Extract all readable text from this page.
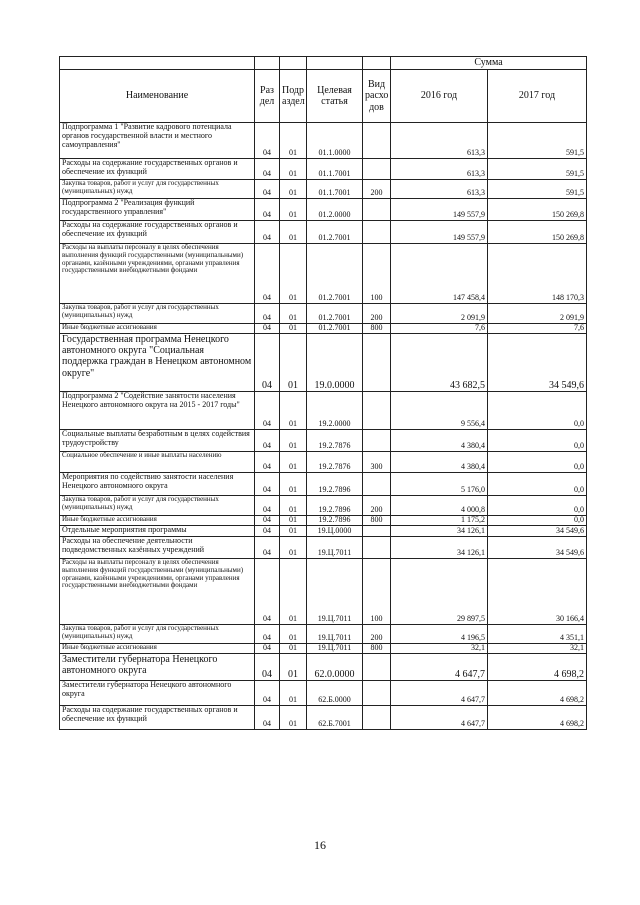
					Сумма	
Наименование	Раз дел	Подр аздел	Целевая статья	Вид расхо дов	2016 год	2017 год
Подпрограмма 1 "Развитие кадрового потенциала органов государственной власти и местного самоуправления"	04	01	01.1.0000		613,3	591,5
Расходы на содержание государственных органов и обеспечение их функций	04	01	01.1.7001		613,3	591,5
Закупка товаров, работ и услуг для государственных (муниципальных) нужд	04	01	01.1.7001	200	613,3	591,5
Подпрограмма 2 "Реализация функций государственного управления"	04	01	01.2.0000		149 557,9	150 269,8
Расходы на содержание государственных органов и обеспечение их функций	04	01	01.2.7001		149 557,9	150 269,8
Расходы на выплаты персоналу в целях обеспечения выполнения функций государственными (муниципальными) органами, казёнными учреждениями, органами управления государственными внебюджетными фондами	04	01	01.2.7001	100	147 458,4	148 170,3
Закупка товаров, работ и услуг для государственных (муниципальных) нужд	04	01	01.2.7001	200	2 091,9	2 091,9
Иные бюджетные ассигнования	04	01	01.2.7001	800	7,6	7,6
Государственная программа Ненецкого автономного округа "Социальная поддержка граждан в Ненецком автономном округе"	04	01	19.0.0000		43 682,5	34 549,6
Подпрограмма 2 "Содействие занятости населения Ненецкого автономного округа на 2015 - 2017 годы"	04	01	19.2.0000		9 556,4	0,0
Социальные выплаты безработным в целях содействия трудоустройству	04	01	19.2.7876		4 380,4	0,0
Социальное обеспечение и иные выплаты населению	04	01	19.2.7876	300	4 380,4	0,0
Мероприятия по содействию занятости населения Ненецкого автономного округа	04	01	19.2.7896		5 176,0	0,0
Закупка товаров, работ и услуг для государственных (муниципальных) нужд	04	01	19.2.7896	200	4 000,8	0,0
Иные бюджетные ассигнования	04	01	19.2.7896	800	1 175,2	0,0
Отдельные мероприятия программы	04	01	19.Ц.0000		34 126,1	34 549,6
Расходы на обеспечение деятельности подведомственных казённых учреждений	04	01	19.Ц.7011		34 126,1	34 549,6
Расходы на выплаты персоналу в целях обеспечения выполнения функций государственными (муниципальными) органами, казёнными учреждениями, органами управления государственными внебюджетными фондами	04	01	19.Ц.7011	100	29 897,5	30 166,4
Закупка товаров, работ и услуг для государственных (муниципальных) нужд	04	01	19.Ц.7011	200	4 196,5	4 351,1
Иные бюджетные ассигнования	04	01	19.Ц.7011	800	32,1	32,1
Заместители губернатора Ненецкого автономного округа	04	01	62.0.0000		4 647,7	4 698,2
Заместители губернатора Ненецкого автономного округа	04	01	62.Б.0000		4 647,7	4 698,2
Расходы на содержание государственных органов и обеспечение их функций	04	01	62.Б.7001		4 647,7	4 698,2
16
